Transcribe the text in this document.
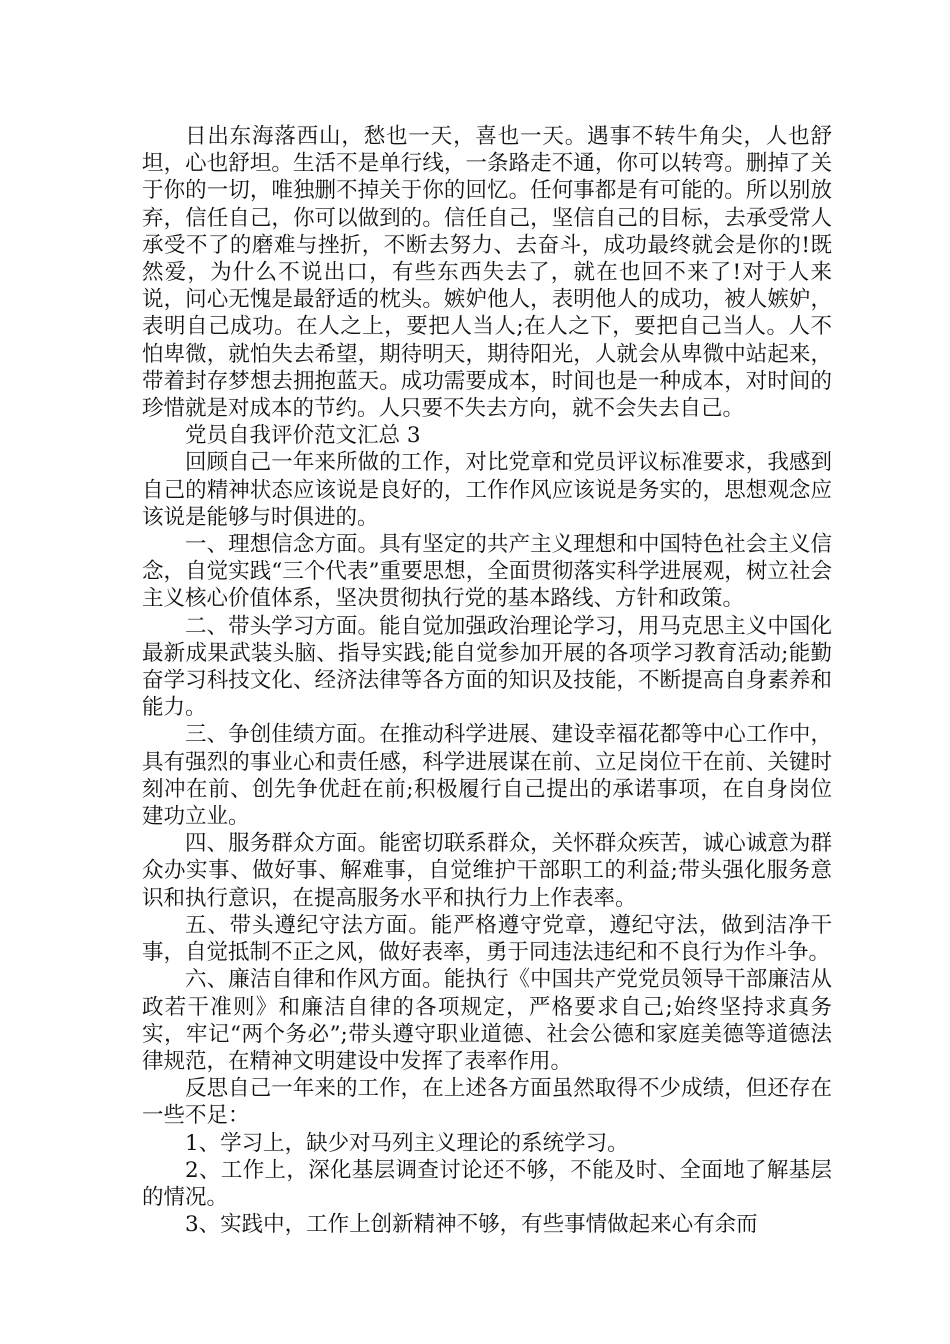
日出东海落西山，愁也一天，喜也一天。遇事不转牛角尖，人也舒坦，心也舒坦。生活不是单行线，一条路走不通，你可以转弯。删掉了关于你的一切，唯独删不掉关于你的回忆。任何事都是有可能的。所以别放弃，信任自己，你可以做到的。信任自己，坚信自己的目标，去承受常人承受不了的磨难与挫折，不断去努力、去奋斗，成功最终就会是你的!既然爱，为什么不说出口，有些东西失去了，就在也回不来了!对于人来说，问心无愧是最舒适的枕头。嫉妒他人，表明他人的成功，被人嫉妒，表明自己成功。在人之上，要把人当人;在人之下，要把自己当人。人不怕卑微，就怕失去希望，期待明天，期待阳光，人就会从卑微中站起来，带着封存梦想去拥抱蓝天。成功需要成本，时间也是一种成本，对时间的珍惜就是对成本的节约。人只要不失去方向，就不会失去自己。

党员自我评价范文汇总 3

回顾自己一年来所做的工作，对比党章和党员评议标准要求，我感到自己的精神状态应该说是良好的，工作作风应该说是务实的，思想观念应该说是能够与时俱进的。

一、理想信念方面。具有坚定的共产主义理想和中国特色社会主义信念，自觉实践“三个代表”重要思想，全面贯彻落实科学进展观，树立社会主义核心价值体系，坚决贯彻执行党的基本路线、方针和政策。

二、带头学习方面。能自觉加强政治理论学习，用马克思主义中国化最新成果武装头脑、指导实践;能自觉参加开展的各项学习教育活动;能勤奋学习科技文化、经济法律等各方面的知识及技能，不断提高自身素养和能力。

三、争创佳绩方面。在推动科学进展、建设幸福花都等中心工作中，具有强烈的事业心和责任感，科学进展谋在前、立足岗位干在前、关键时刻冲在前、创先争优赶在前;积极履行自己提出的承诺事项，在自身岗位建功立业。

四、服务群众方面。能密切联系群众，关怀群众疾苦，诚心诚意为群众办实事、做好事、解难事，自觉维护干部职工的利益;带头强化服务意识和执行意识，在提高服务水平和执行力上作表率。

五、带头遵纪守法方面。能严格遵守党章，遵纪守法，做到洁净干事，自觉抵制不正之风，做好表率，勇于同违法违纪和不良行为作斗争。

六、廉洁自律和作风方面。能执行《中国共产党党员领导干部廉洁从政若干准则》和廉洁自律的各项规定，严格要求自己;始终坚持求真务实，牢记“两个务必”;带头遵守职业道德、社会公德和家庭美德等道德法律规范，在精神文明建设中发挥了表率作用。

反思自己一年来的工作，在上述各方面虽然取得不少成绩，但还存在一些不足：

1、学习上，缺少对马列主义理论的系统学习。

2、工作上，深化基层调查讨论还不够，不能及时、全面地了解基层的情况。

3、实践中，工作上创新精神不够，有些事情做起来心有余而
